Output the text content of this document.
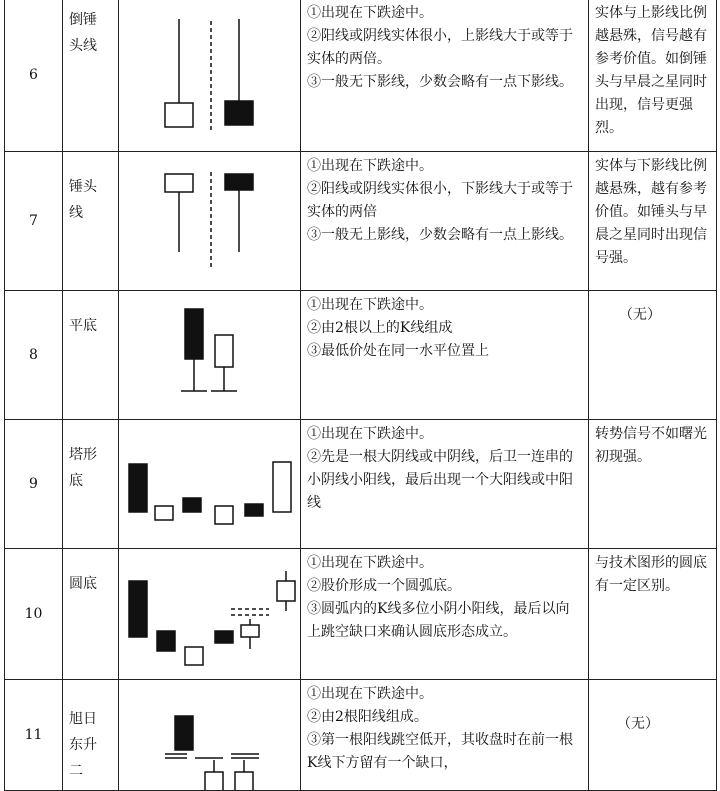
6	倒锤头线		①出现在下跌途中。
②阳线或阴线实体很小，上影线大于或等于实体的两倍。
③一般无下影线，少数会略有一点下影线。	实体与上影线比例越悬殊，信号越有参考价值。如倒锤头与早晨之星同时出现，信号更强烈。

7	锤头线		①出现在下跌途中。
②阳线或阴线实体很小，下影线大于或等于实体的两倍
③一般无上影线，少数会略有一点上影线。	实体与下影线比例越悬殊，越有参考价值。如锤头与早晨之星同时出现信号强。

8	平底		①出现在下跌途中。
②由2根以上的K线组成
③最低价处在同一水平位置上	（无）

9	塔形底		①出现在下跌途中。
②先是一根大阴线或中阴线，后卫一连串的小阴线小阳线，最后出现一个大阳线或中阳线	转势信号不如曙光初现强。

10	圆底		①出现在下跌途中。
②股价形成一个圆弧底。
③圆弧内的K线多位小阴小阳线，最后以向上跳空缺口来确认圆底形态成立。	与技术图形的圆底有一定区别。

11	旭日东升二		①出现在下跌途中。
②由2根阳线组成。
③第一根阳线跳空低开，其收盘时在前一根K线下方留有一个缺口，	（无）
